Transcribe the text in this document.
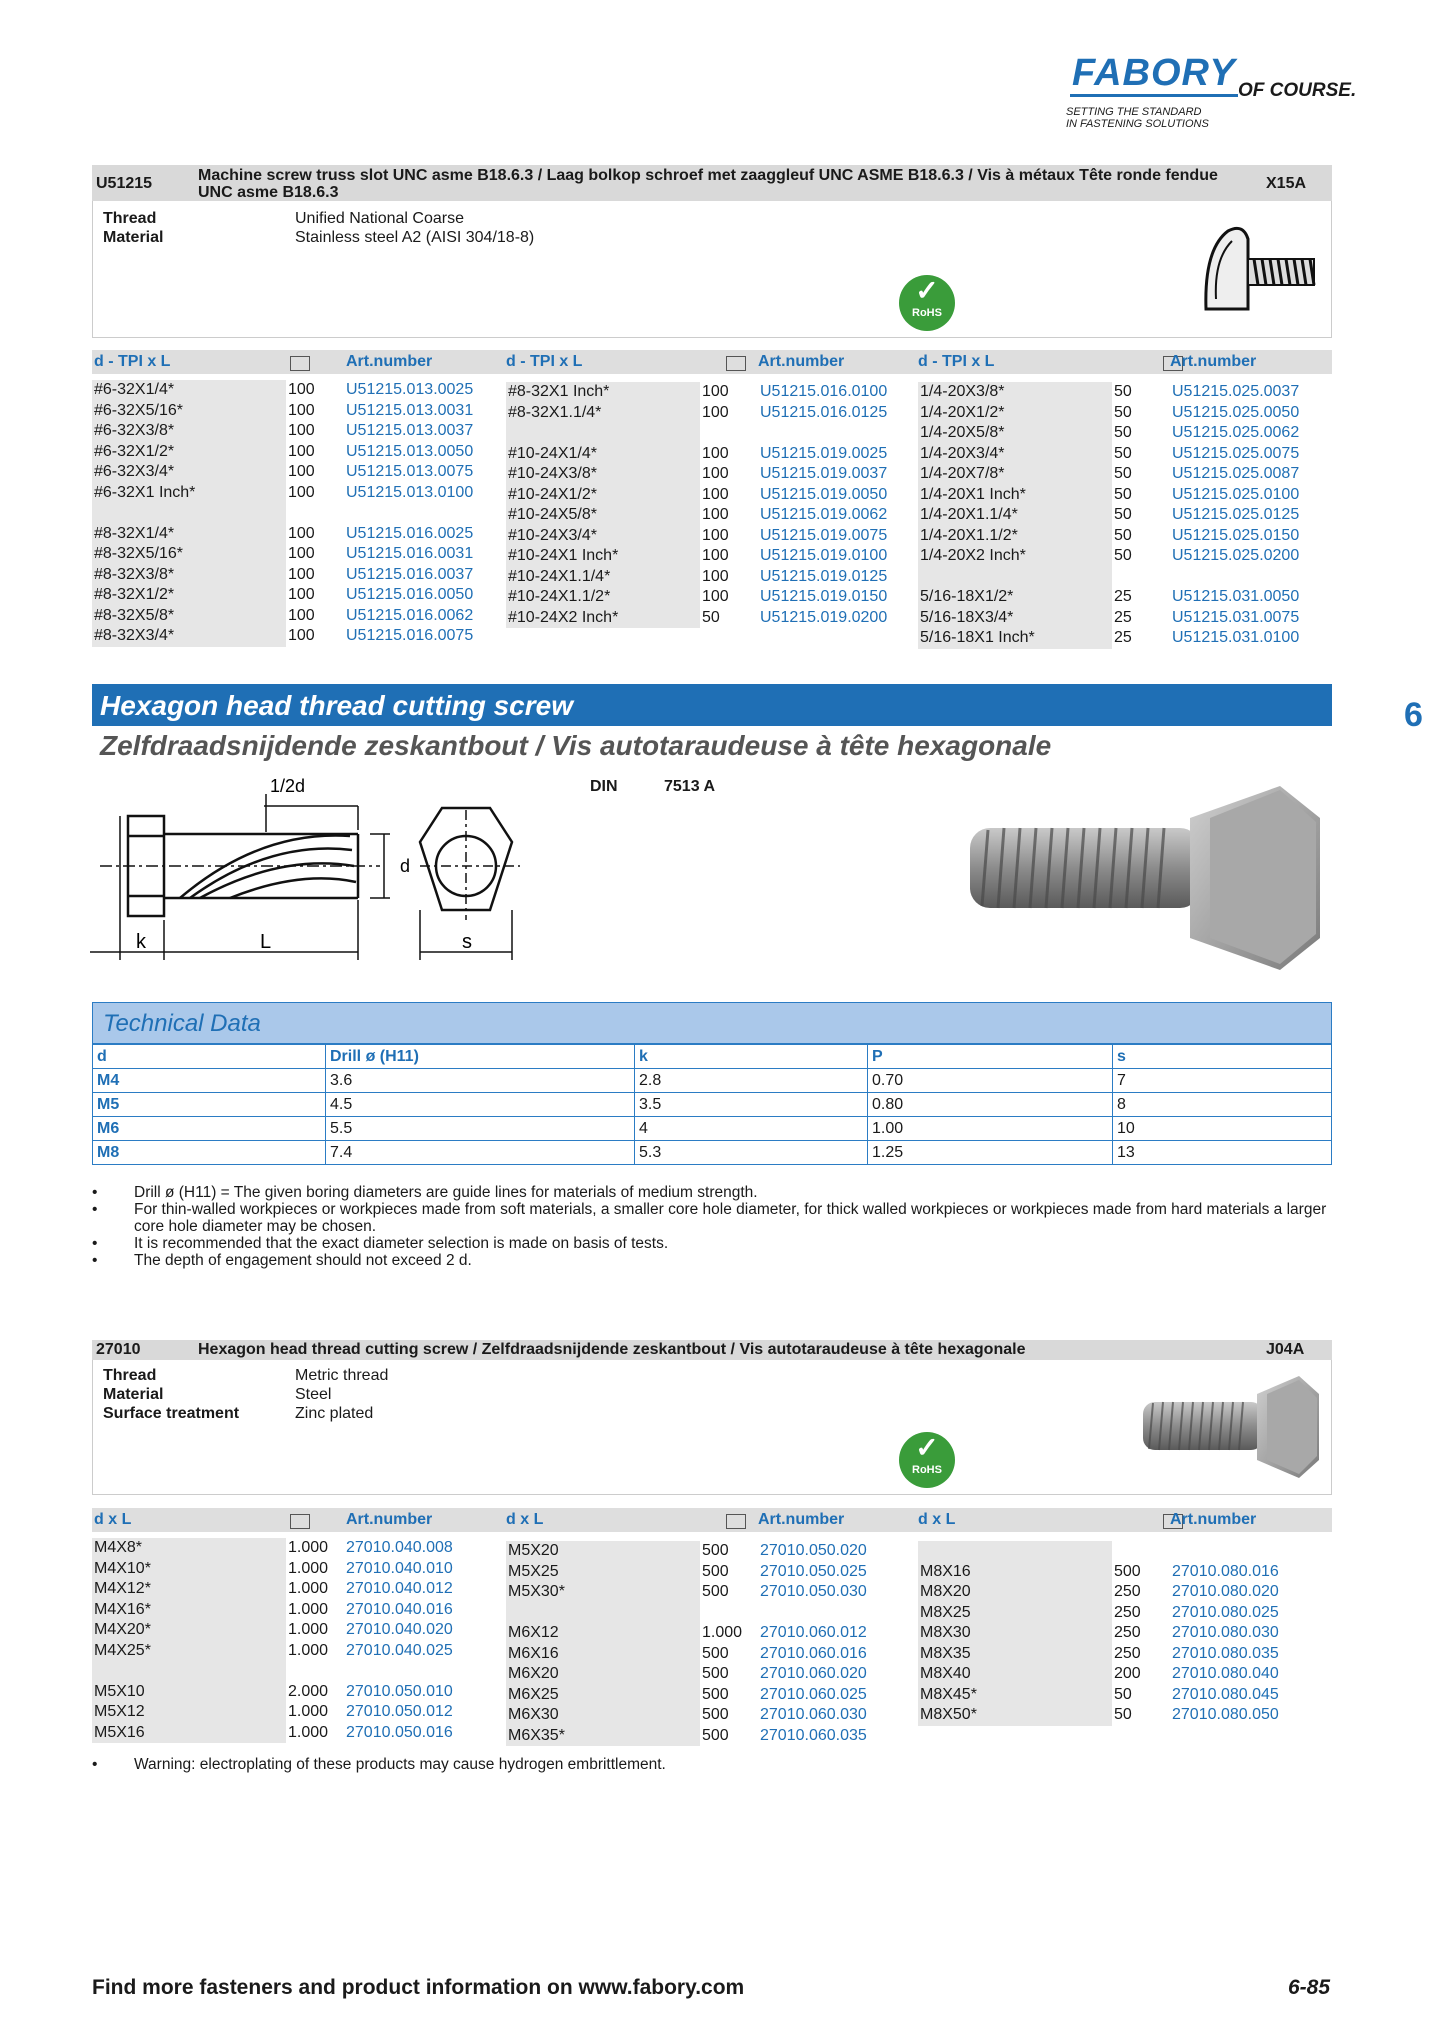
FABORY OF COURSE.
SETTING THE STANDARD
IN FASTENING SOLUTIONS
U51215	Machine screw truss slot UNC asme B18.6.3 / Laag bolkop schroef met zaaggleuf UNC ASME B18.6.3 / Vis à métaux Tête ronde fendue UNC asme B18.6.3
X15A
Thread
Material
Unified National Coarse
Stainless steel A2 (AISI 304/18-8)
✓
RoHS
d - TPI x L
	Art.number	d - TPI x L
	Art.number	d - TPI x L	Art.number
#6-32X1/4*	100 U51215.013.0025
#6-32X5/16*	100 U51215.013.0031
#6-32X3/8*	100 U51215.013.0037
#6-32X1/2*	100 U51215.013.0050
#6-32X3/4*	100 U51215.013.0075
#6-32X1 Inch*	100 U51215.013.0100
#8-32X1/4*	100 U51215.016.0025
#8-32X5/16*	100 U51215.016.0031
#8-32X3/8*	100 U51215.016.0037
#8-32X1/2*	100 U51215.016.0050
#8-32X5/8*	100 U51215.016.0062
#8-32X3/4*	100 U51215.016.0075
#8-32X1 Inch*	100 U51215.016.0100
#8-32X1.1/4*	100 U51215.016.0125
#10-24X1/4*	100 U51215.019.0025
#10-24X3/8*	100 U51215.019.0037
#10-24X1/2*	100 U51215.019.0050
#10-24X5/8*	100 U51215.019.0062
#10-24X3/4*	100 U51215.019.0075
#10-24X1 Inch*	100 U51215.019.0100
#10-24X1.1/4*	100 U51215.019.0125
#10-24X1.1/2*	100 U51215.019.0150
#10-24X2 Inch*	50	U51215.019.0200
1/4-20X3/8*	50	U51215.025.0037
1/4-20X1/2*	50	U51215.025.0050
1/4-20X5/8*	50	U51215.025.0062
1/4-20X3/4*	50	U51215.025.0075
1/4-20X7/8*	50	U51215.025.0087
1/4-20X1 Inch*	50	U51215.025.0100
1/4-20X1.1/4*	50	U51215.025.0125
1/4-20X1.1/2*	50	U51215.025.0150
1/4-20X2 Inch*	50	U51215.025.0200
5/16-18X1/2*	25	U51215.031.0050
5/16-18X3/4*	25	U51215.031.0075
5/16-18X1 Inch*	25	U51215.031.0100
6
Hexagon head thread cutting screw
Zelfdraadsnijdende zeskantbout / Vis autotaraudeuse à tête hexagonale
DIN	7513 A
1/2d
d
k	L	s
Technical Data
d	Drill ø (H11)	k	P	s
M4	3.6	2.8	0.70	7
M5	4.5	3.5	0.80	8
M6	5.5	4	1.00	10
M8	7.4	5.3	1.25	13
• Drill ø (H11) = The given boring diameters are guide lines for materials of medium strength.
• For thin-walled workpieces or workpieces made from soft materials, a smaller core hole diameter, for thick walled workpieces or workpieces made from hard materials a larger core hole diameter may be chosen.
• It is recommended that the exact diameter selection is made on basis of tests.
• The depth of engagement should not exceed 2 d.
27010	Hexagon head thread cutting screw / Zelfdraadsnijdende zeskantbout / Vis autotaraudeuse à tête hexagonale	J04A
Thread
Material
Surface treatment
Metric thread
Steel
Zinc plated
✓
RoHS
d x L
	Art.number	d x L
	Art.number	d x L	Art.number
M4X8*	1.000 27010.040.008
M4X10*	1.000 27010.040.010
M4X12*	1.000 27010.040.012
M4X16*	1.000 27010.040.016
M4X20*	1.000 27010.040.020
M4X25*	1.000 27010.040.025
M5X10	2.000 27010.050.010
M5X12	1.000 27010.050.012
M5X16	1.000 27010.050.016
M5X20	500 27010.050.020
M5X25	500 27010.050.025
M5X30*	500 27010.050.030
M6X12	1.000 27010.060.012
M6X16	500 27010.060.016
M6X20	500 27010.060.020
M6X25	500 27010.060.025
M6X30	500 27010.060.030
M6X35*	500 27010.060.035
M8X16	500 27010.080.016
M8X20	250 27010.080.020
M8X25	250 27010.080.025
M8X30	250 27010.080.030
M8X35	250 27010.080.035
M8X40	200 27010.080.040
M8X45*	50	27010.080.045
M8X50*	50	27010.080.050
• Warning: electroplating of these products may cause hydrogen embrittlement.
Find more fasteners and product information on www.fabory.com	6-85
